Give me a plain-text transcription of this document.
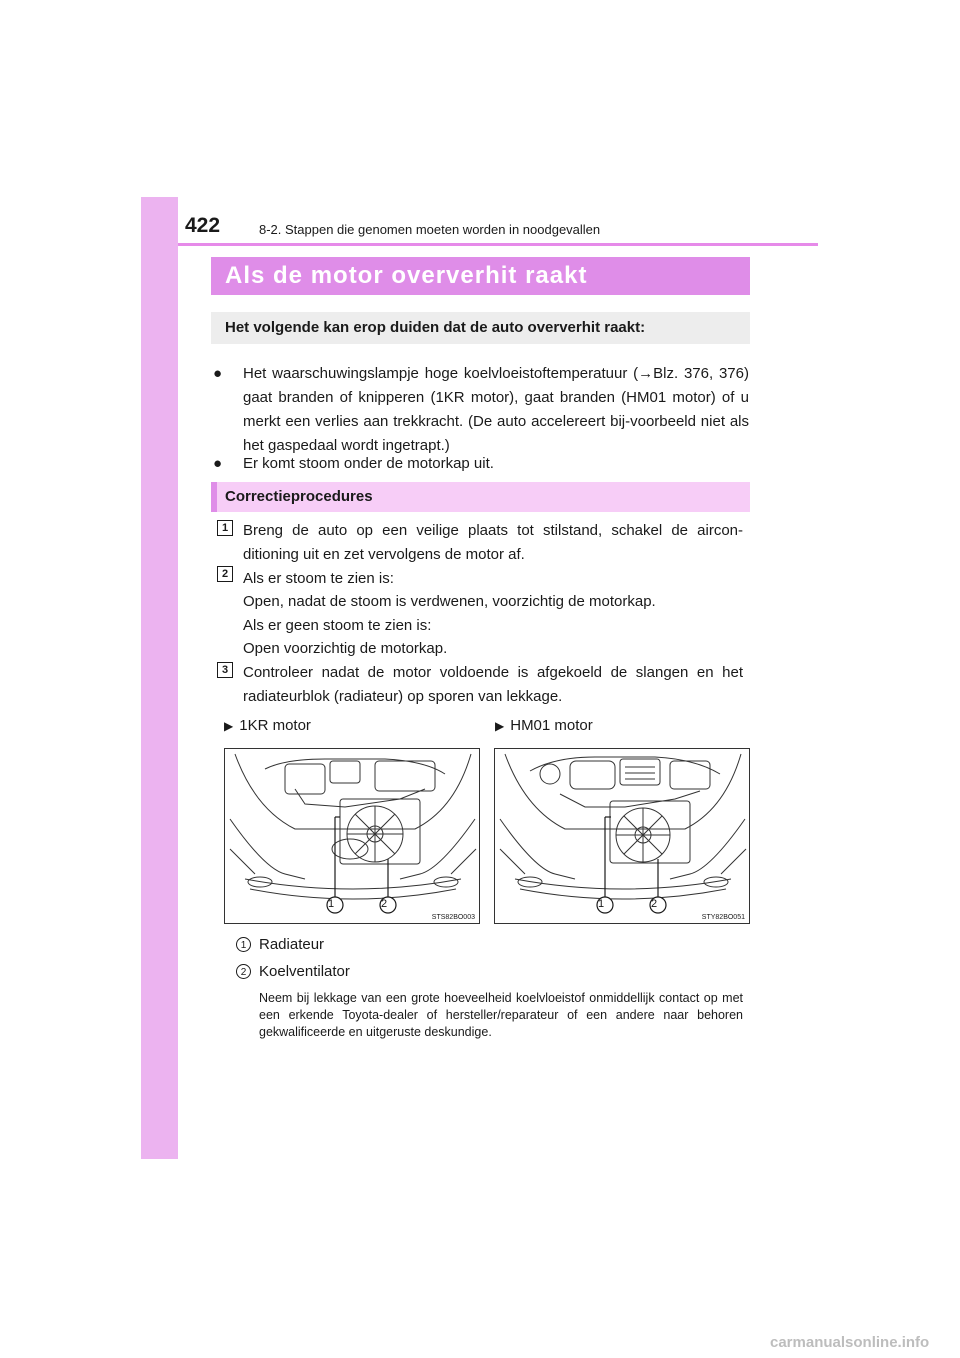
422	8-2. Stappen die genomen moeten worden in noodgevallen
Als de motor oververhit raakt
Het volgende kan erop duiden dat de auto oververhit raakt:
● Het waarschuwingslampje hoge koelvloeistoftemperatuur (→Blz. 376, 376) gaat branden of knipperen (1KR motor), gaat branden (HM01 motor) of u merkt een verlies aan trekkracht. (De auto accelereert bij-voorbeeld niet als het gaspedaal wordt ingetrapt.)
● Er komt stoom onder de motorkap uit.
Correctieprocedures
1 Breng de auto op een veilige plaats tot stilstand, schakel de aircon-ditioning uit en zet vervolgens de motor af.
2 Als er stoom te zien is:
Open, nadat de stoom is verdwenen, voorzichtig de motorkap.
Als er geen stoom te zien is:
Open voorzichtig de motorkap.
3 Controleer nadat de motor voldoende is afgekoeld de slangen en het radiateurblok (radiateur) op sporen van lekkage.
▶ 1KR motor	▶ HM01 motor
1	2
STS82BO003
1	2
STY82BO051
1 Radiateur
2 Koelventilator
Neem bij lekkage van een grote hoeveelheid koelvloeistof onmiddellijk contact op met een erkende Toyota-dealer of hersteller/reparateur of een andere naar behoren gekwalificeerde en uitgeruste deskundige.
carmanualsonline.info
